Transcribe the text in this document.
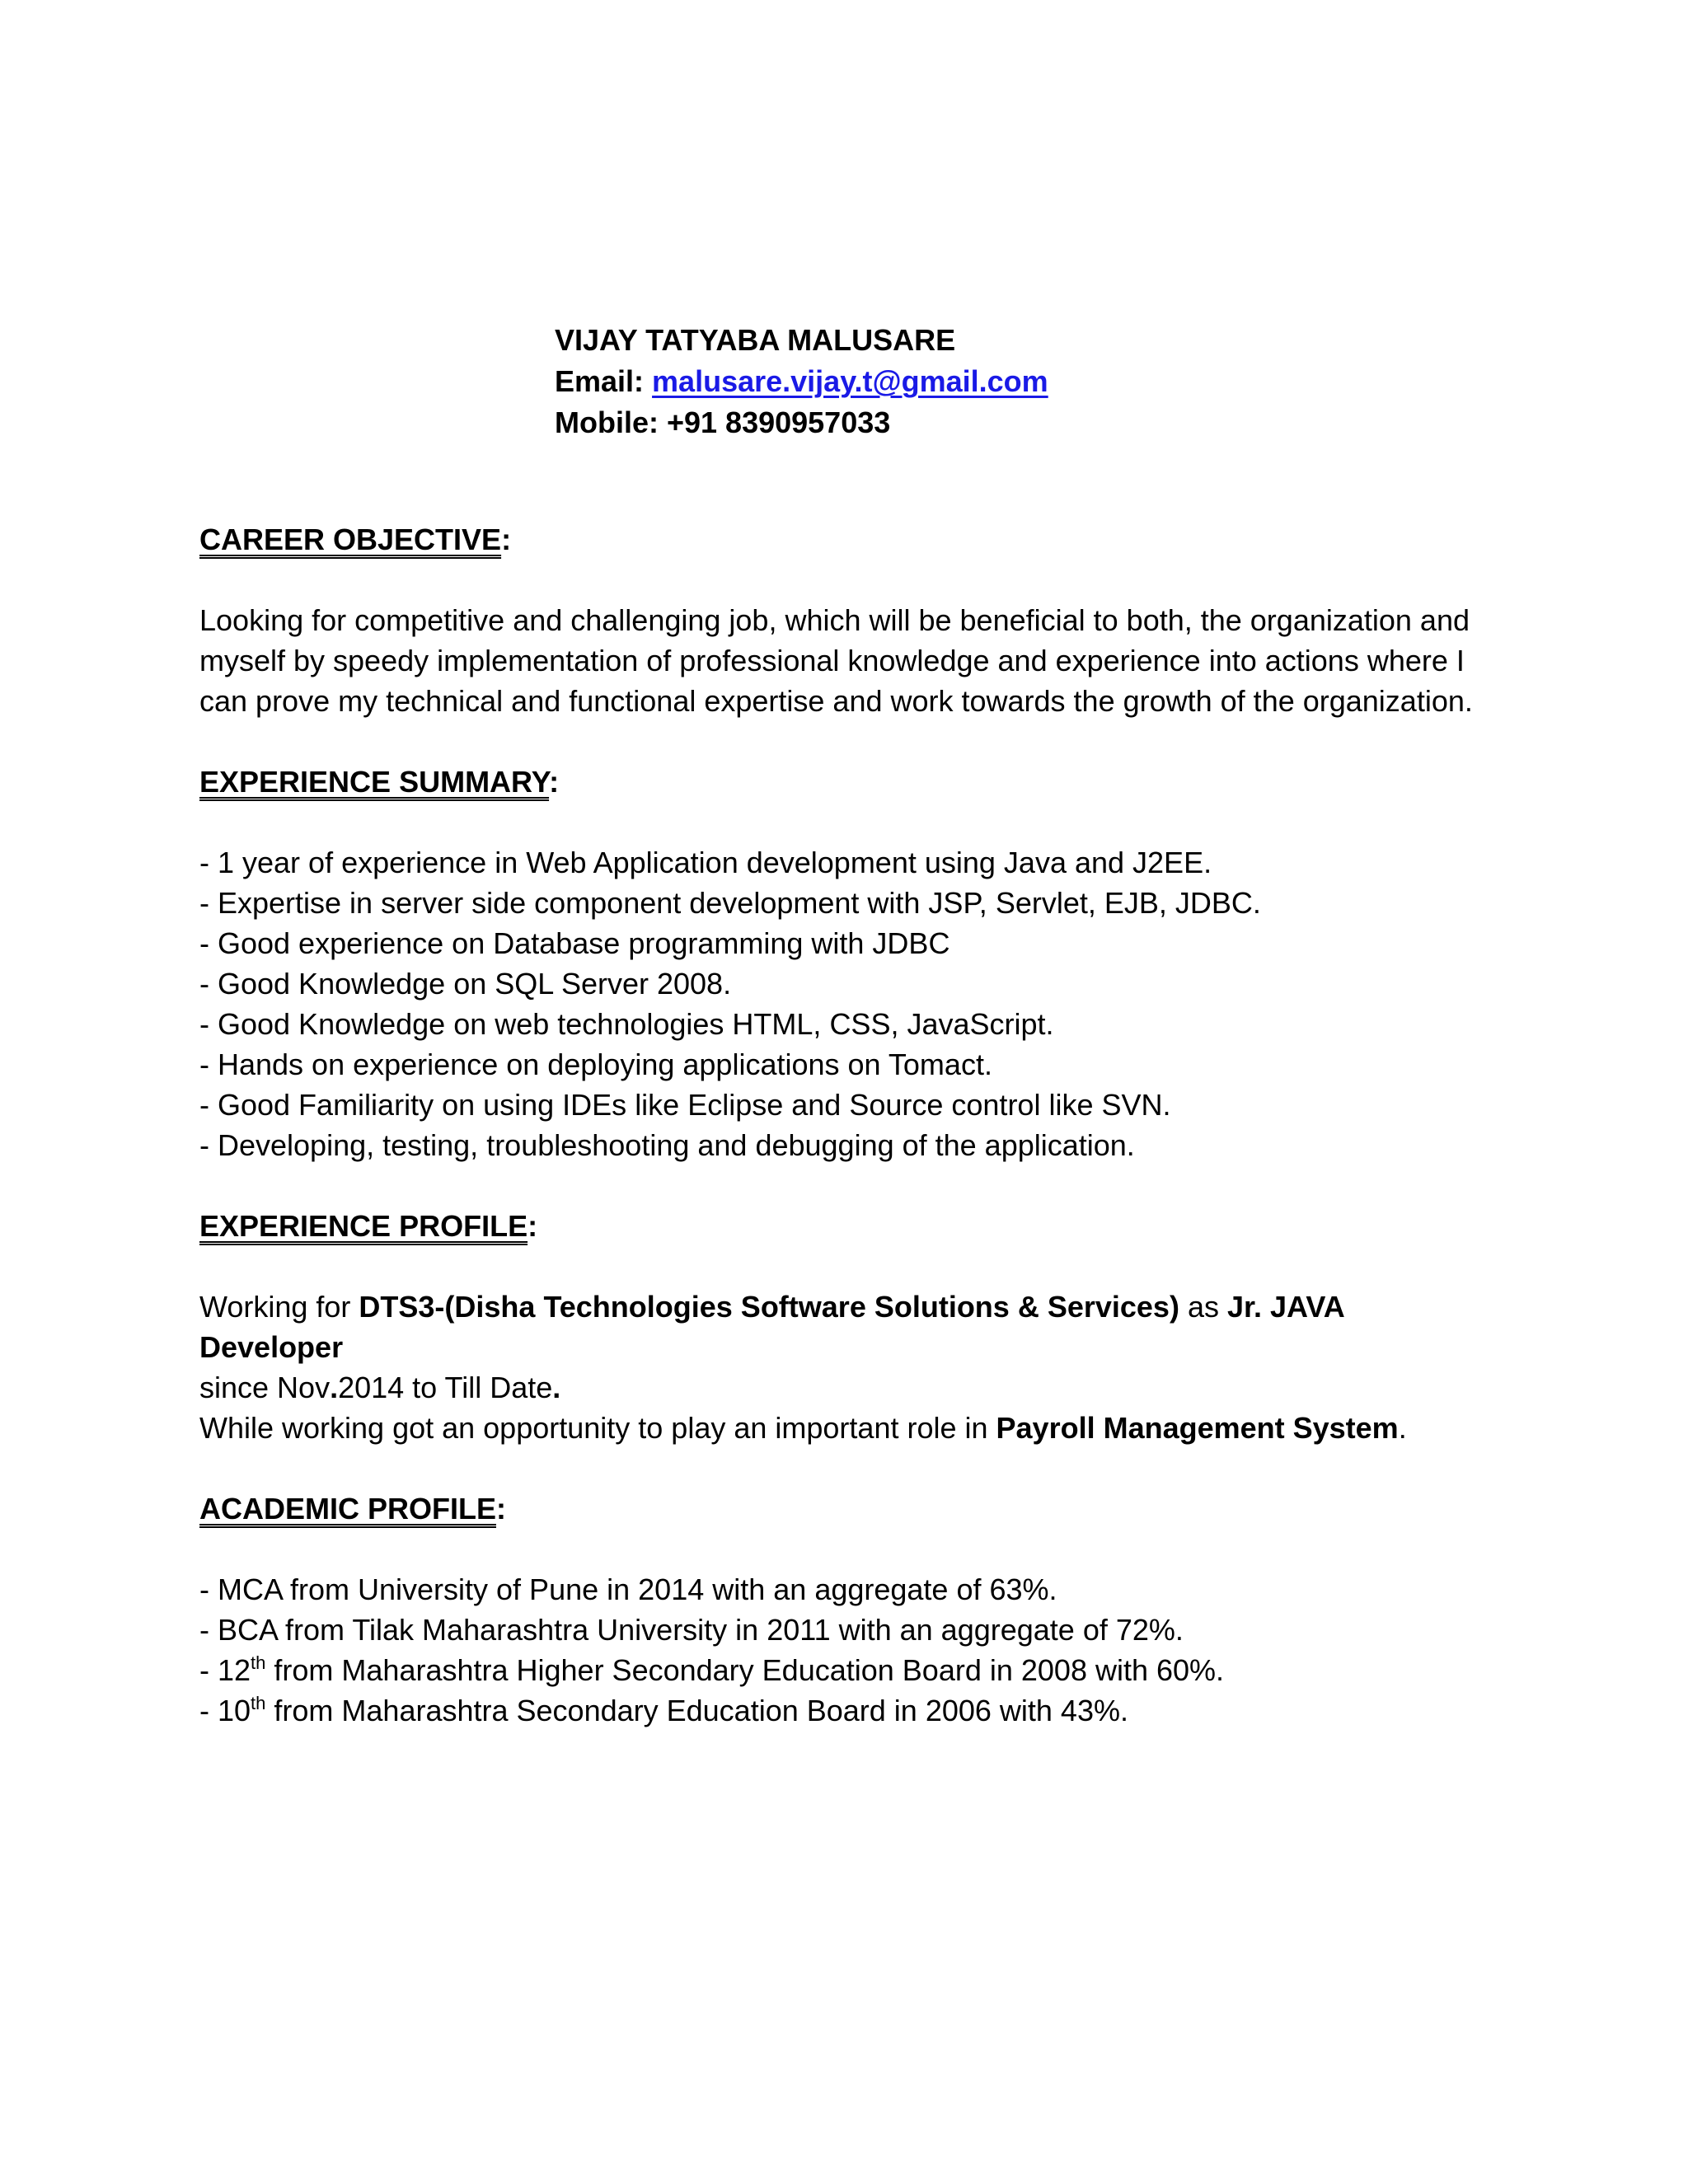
VIJAY TATYABA MALUSARE
Email: malusare.vijay.t@gmail.com
Mobile: +91 8390957033
CAREER OBJECTIVE:

Looking for competitive and challenging job, which will be beneficial to both, the organization and myself by speedy implementation of professional knowledge and experience into actions where I can prove my technical and functional expertise and work towards the growth of the organization.

EXPERIENCE SUMMARY:
- 1 year of experience in Web Application development using Java and J2EE.
- Expertise in server side component development with JSP, Servlet, EJB, JDBC.
- Good experience on Database programming with JDBC
- Good Knowledge on SQL Server 2008.
- Good Knowledge on web technologies HTML, CSS, JavaScript.
- Hands on experience on deploying applications on Tomact.
- Good Familiarity on using IDEs like Eclipse and Source control like SVN.
- Developing, testing, troubleshooting and debugging of the application.
EXPERIENCE PROFILE:

Working for DTS3-(Disha Technologies Software Solutions & Services) as Jr. JAVA Developer
since Nov.2014 to Till Date.
While working got an opportunity to play an important role in Payroll Management System.

ACADEMIC PROFILE:
- MCA from University of Pune in 2014 with an aggregate of 63%.
- BCA from Tilak Maharashtra University in 2011 with an aggregate of 72%.
- 12th from Maharashtra Higher Secondary Education Board in 2008 with 60%.
- 10th from Maharashtra Secondary Education Board in 2006 with 43%.
